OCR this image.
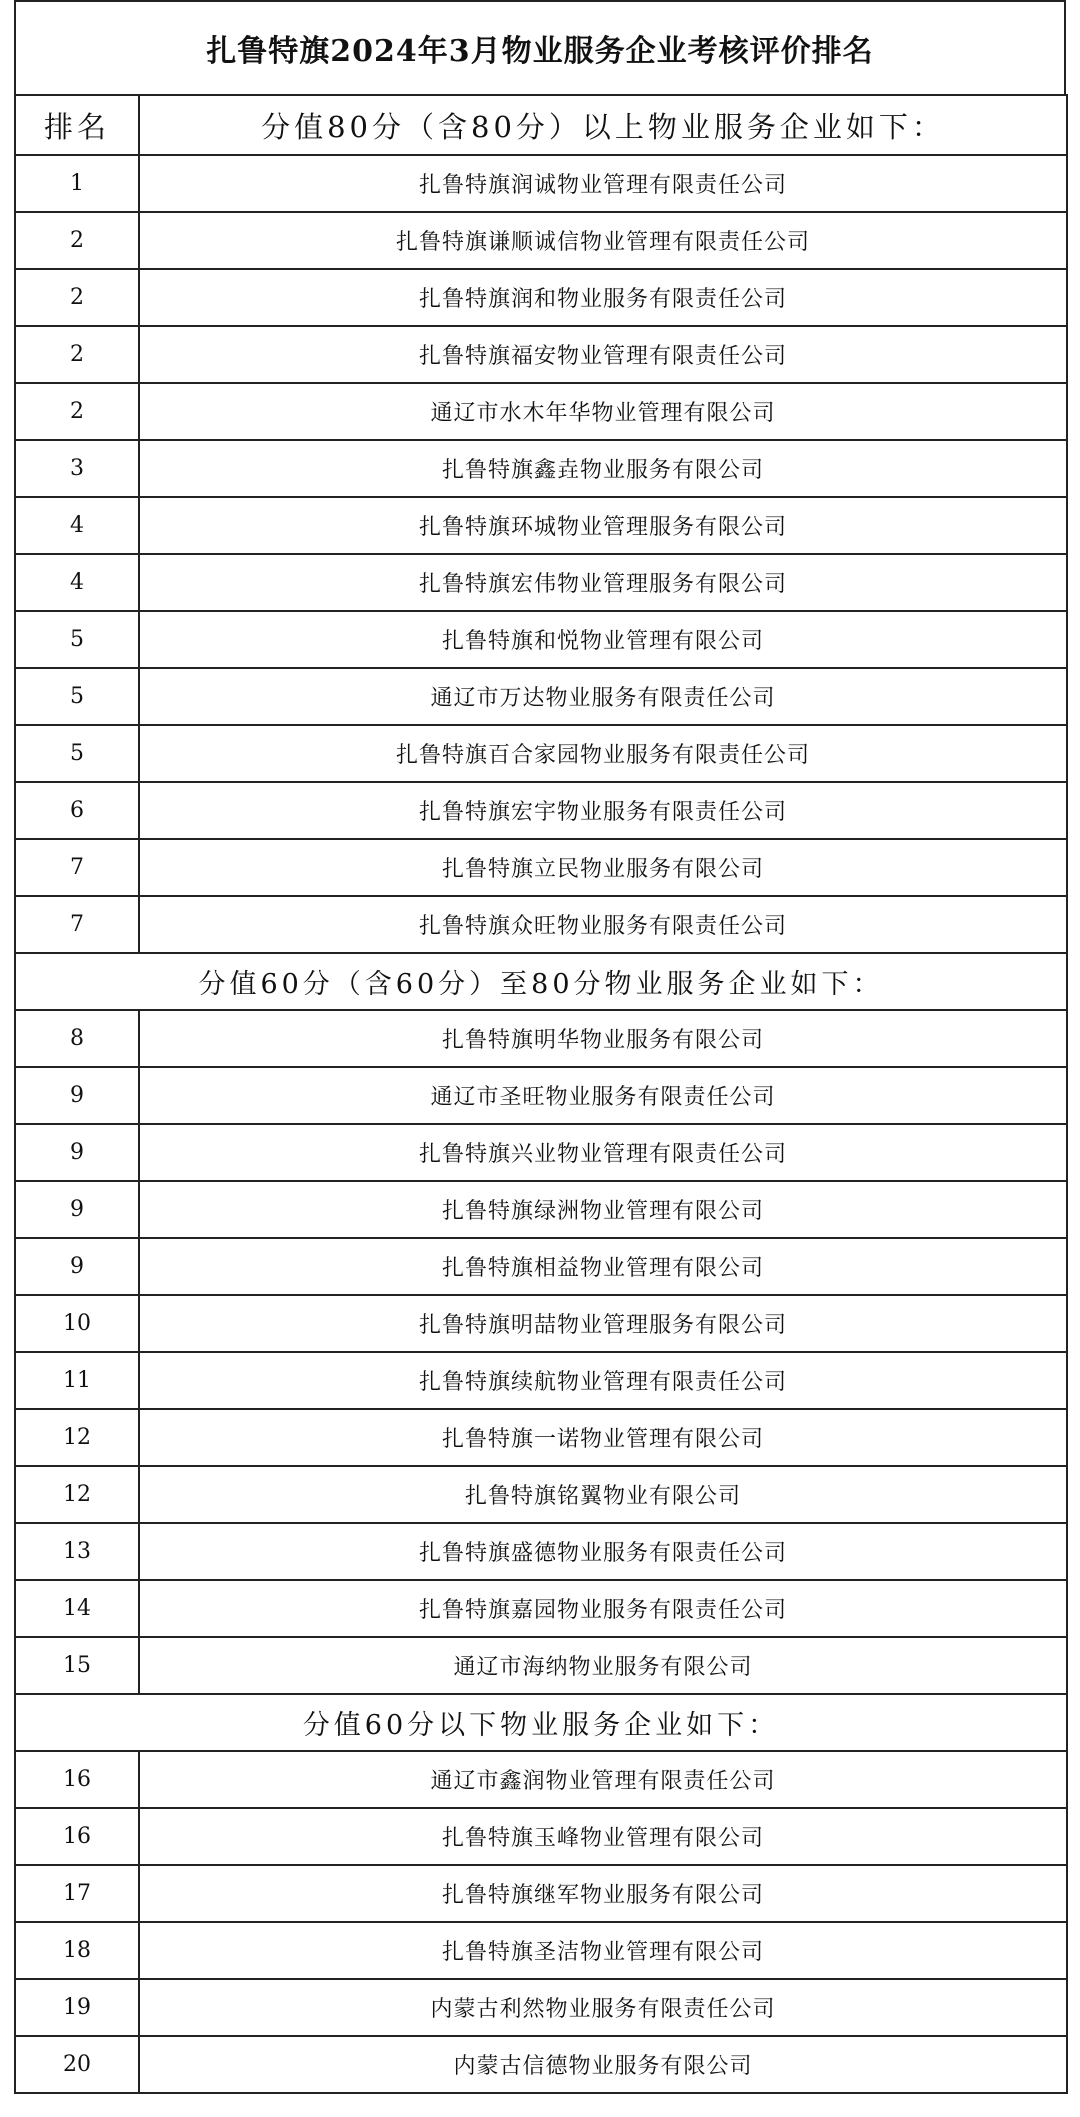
扎鲁特旗2024年3月物业服务企业考核评价排名
排名	分值80分（含80分）以上物业服务企业如下：
1	扎鲁特旗润诚物业管理有限责任公司
2	扎鲁特旗谦顺诚信物业管理有限责任公司
2	扎鲁特旗润和物业服务有限责任公司
2	扎鲁特旗福安物业管理有限责任公司
2	通辽市水木年华物业管理有限公司
3	扎鲁特旗鑫垚物业服务有限公司
4	扎鲁特旗环城物业管理服务有限公司
4	扎鲁特旗宏伟物业管理服务有限公司
5	扎鲁特旗和悦物业管理有限公司
5	通辽市万达物业服务有限责任公司
5	扎鲁特旗百合家园物业服务有限责任公司
6	扎鲁特旗宏宇物业服务有限责任公司
7	扎鲁特旗立民物业服务有限公司
7	扎鲁特旗众旺物业服务有限责任公司
分值60分（含60分）至80分物业服务企业如下：	
8	扎鲁特旗明华物业服务有限公司
9	通辽市圣旺物业服务有限责任公司
9	扎鲁特旗兴业物业管理有限责任公司
9	扎鲁特旗绿洲物业管理有限公司
9	扎鲁特旗相益物业管理有限公司
10	扎鲁特旗明喆物业管理服务有限公司
11	扎鲁特旗续航物业管理有限责任公司
12	扎鲁特旗一诺物业管理有限公司
12	扎鲁特旗铭翼物业有限公司
13	扎鲁特旗盛德物业服务有限责任公司
14	扎鲁特旗嘉园物业服务有限责任公司
15	通辽市海纳物业服务有限公司
分值60分以下物业服务企业如下：	
16	通辽市鑫润物业管理有限责任公司
16	扎鲁特旗玉峰物业管理有限公司
17	扎鲁特旗继军物业服务有限公司
18	扎鲁特旗圣洁物业管理有限公司
19	内蒙古利然物业服务有限责任公司
20	内蒙古信德物业服务有限公司
